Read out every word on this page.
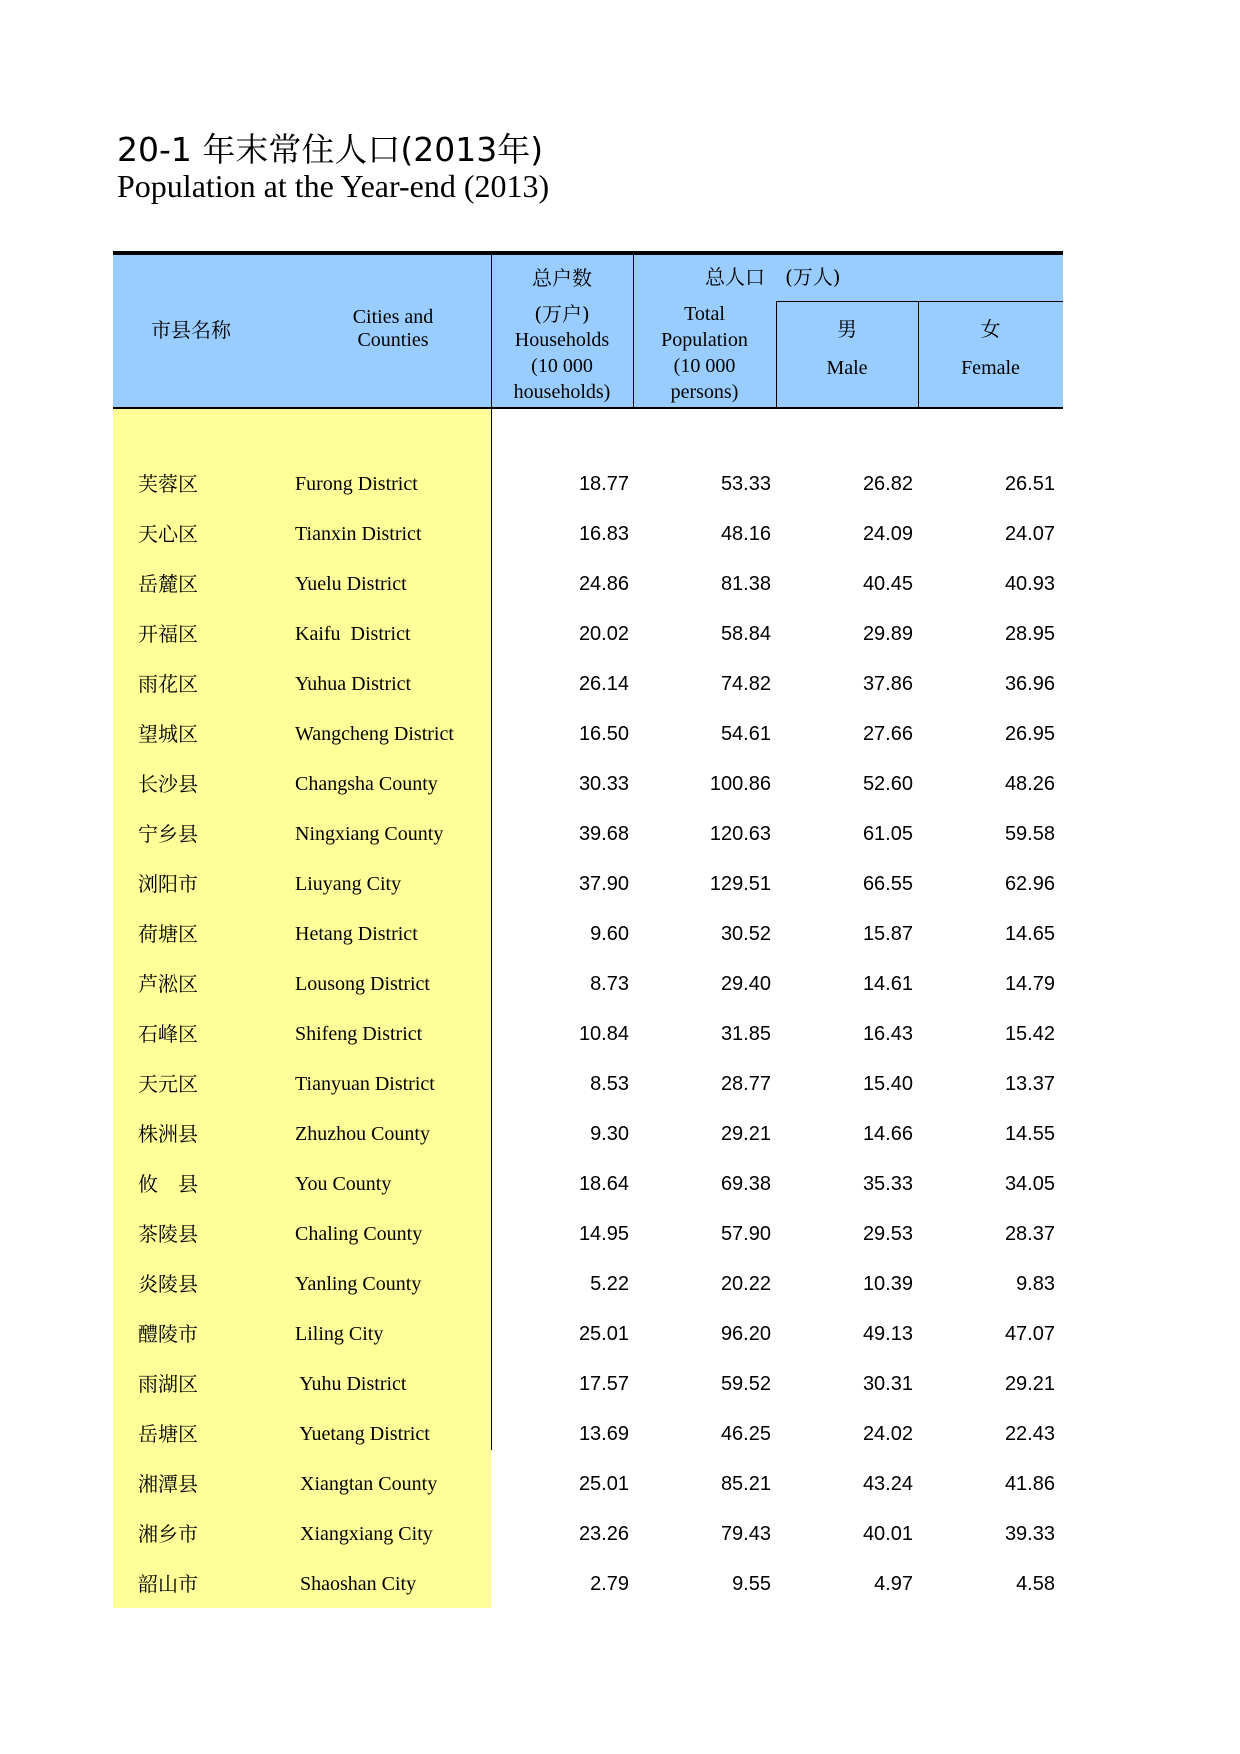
20-1 年末常住人口(2013年)
Population at the Year-end (2013)
市县名称
Cities and
Counties
总户数
(万户)
Households
(10 000
households)
总人口　(万人)
Total
Population
(10 000
persons)
男
Male
女
Female
芙蓉区	Furong District	18.77	53.33	26.82	26.51
天心区	Tianxin District	16.83	48.16	24.09	24.07
岳麓区	Yuelu District	24.86	81.38	40.45	40.93
开福区	Kaifu  District	20.02	58.84	29.89	28.95
雨花区	Yuhua District	26.14	74.82	37.86	36.96
望城区	Wangcheng District	16.50	54.61	27.66	26.95
长沙县	Changsha County	30.33	100.86	52.60	48.26
宁乡县	Ningxiang County	39.68	120.63	61.05	59.58
浏阳市	Liuyang City	37.90	129.51	66.55	62.96
荷塘区	Hetang District	9.60	30.52	15.87	14.65
芦淞区	Lousong District	8.73	29.40	14.61	14.79
石峰区	Shifeng District	10.84	31.85	16.43	15.42
天元区	Tianyuan District	8.53	28.77	15.40	13.37
株洲县	Zhuzhou County	9.30	29.21	14.66	14.55
攸　县	You County	18.64	69.38	35.33	34.05
茶陵县	Chaling County	14.95	57.90	29.53	28.37
炎陵县	Yanling County	5.22	20.22	10.39	9.83
醴陵市	Liling City	25.01	96.20	49.13	47.07
雨湖区	Yuhu District	17.57	59.52	30.31	29.21
岳塘区	Yuetang District	13.69	46.25	24.02	22.43
湘潭县	Xiangtan County	25.01	85.21	43.24	41.86
湘乡市	Xiangxiang City	23.26	79.43	40.01	39.33
韶山市	Shaoshan City	2.79	9.55	4.97	4.58
